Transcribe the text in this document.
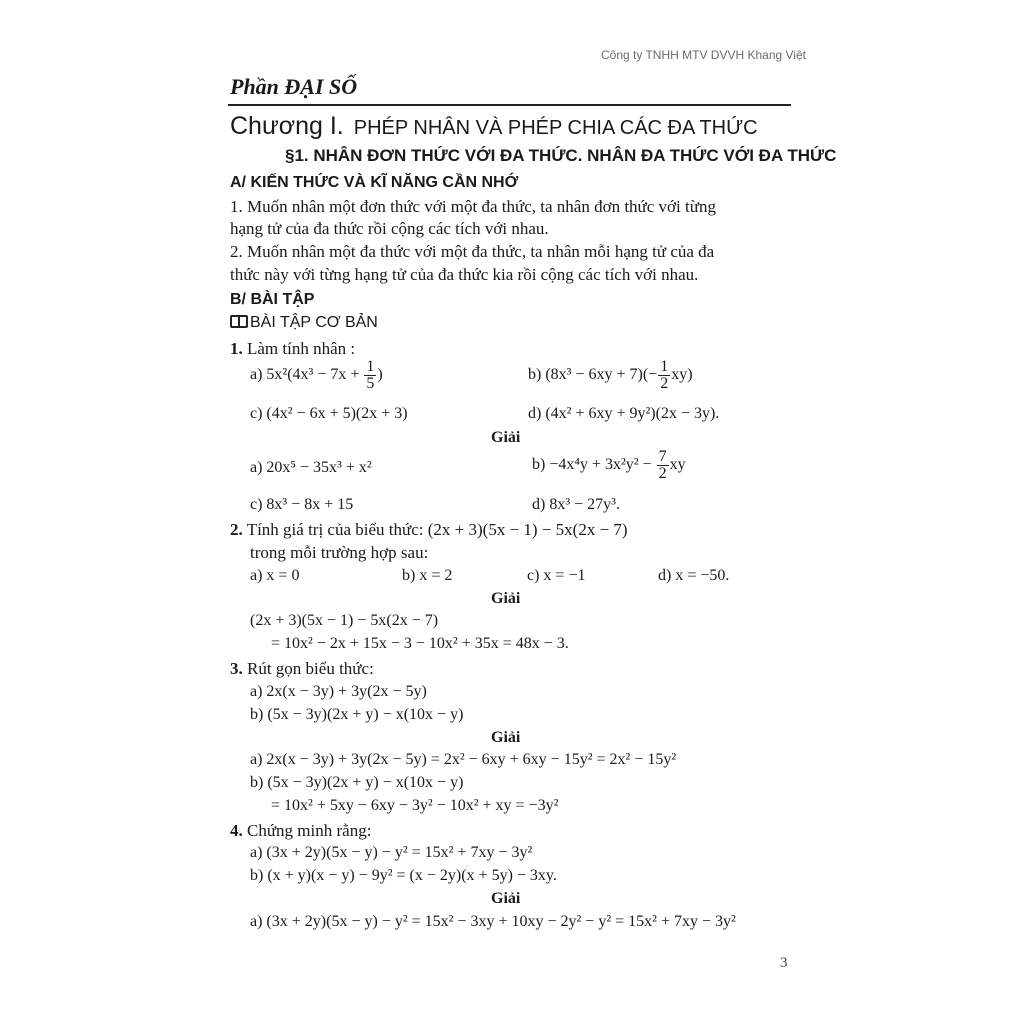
Công ty TNHH MTV DVVH Khang Việt
Phần ĐẠI SỐ
Chương I. PHÉP NHÂN VÀ PHÉP CHIA CÁC ĐA THỨC
§1. NHÂN ĐƠN THỨC VỚI ĐA THỨC. NHÂN ĐA THỨC VỚI ĐA THỨC
A/ KIẾN THỨC VÀ KĨ NĂNG CẦN NHỚ
1. Muốn nhân một đơn thức với một đa thức, ta nhân đơn thức với từng
hạng tử của đa thức rồi cộng các tích với nhau.
2. Muốn nhân một đa thức với một đa thức, ta nhân mỗi hạng tử của đa
thức này với từng hạng tử của đa thức kia rồi cộng các tích với nhau.
B/ BÀI TẬP
BÀI TẬP CƠ BẢN
1. Làm tính nhân :
a) $5x^2(4x^3 - 7x + \frac{1}{5}$ )	b) $(8x^3 - 6xy + 7)(- \frac{1}{2} xy)$
c) (4x² − 6x + 5)(2x + 3)	d) (4x² + 6xy + 9y²)(2x − 3y).
Giải
a) 20x⁵ − 35x³ + x²	$b) -4x^4y + 3x^2y^2 - \frac{7}{2}$ xy
c) 8x³ − 8x + 15	d) 8x³ − 27y³.
2. Tính giá trị của biểu thức: (2x + 3)(5x − 1) − 5x(2x − 7)
trong mỗi trường hợp sau:
a) x = 0	b) x = 2	c) x = −1	d) x = −50.
Giải
(2x + 3)(5x − 1) − 5x(2x − 7)
= 10x² − 2x + 15x − 3 − 10x² + 35x = 48x − 3.
3. Rút gọn biểu thức:
a) 2x(x − 3y) + 3y(2x − 5y)
b) (5x − 3y)(2x + y) − x(10x − y)
Giải
a) 2x(x − 3y) + 3y(2x − 5y) = 2x² − 6xy + 6xy − 15y² = 2x² − 15y²
b) (5x − 3y)(2x + y) − x(10x − y)
= 10x² + 5xy − 6xy − 3y² − 10x² + xy = −3y²
4. Chứng minh rằng:
a) (3x + 2y)(5x − y) − y² = 15x² + 7xy − 3y²
b) (x + y)(x − y) − 9y² = (x − 2y)(x + 5y) − 3xy.
Giải
a) (3x + 2y)(5x − y) − y² = 15x² − 3xy + 10xy − 2y² − y² = 15x² + 7xy − 3y²
3
